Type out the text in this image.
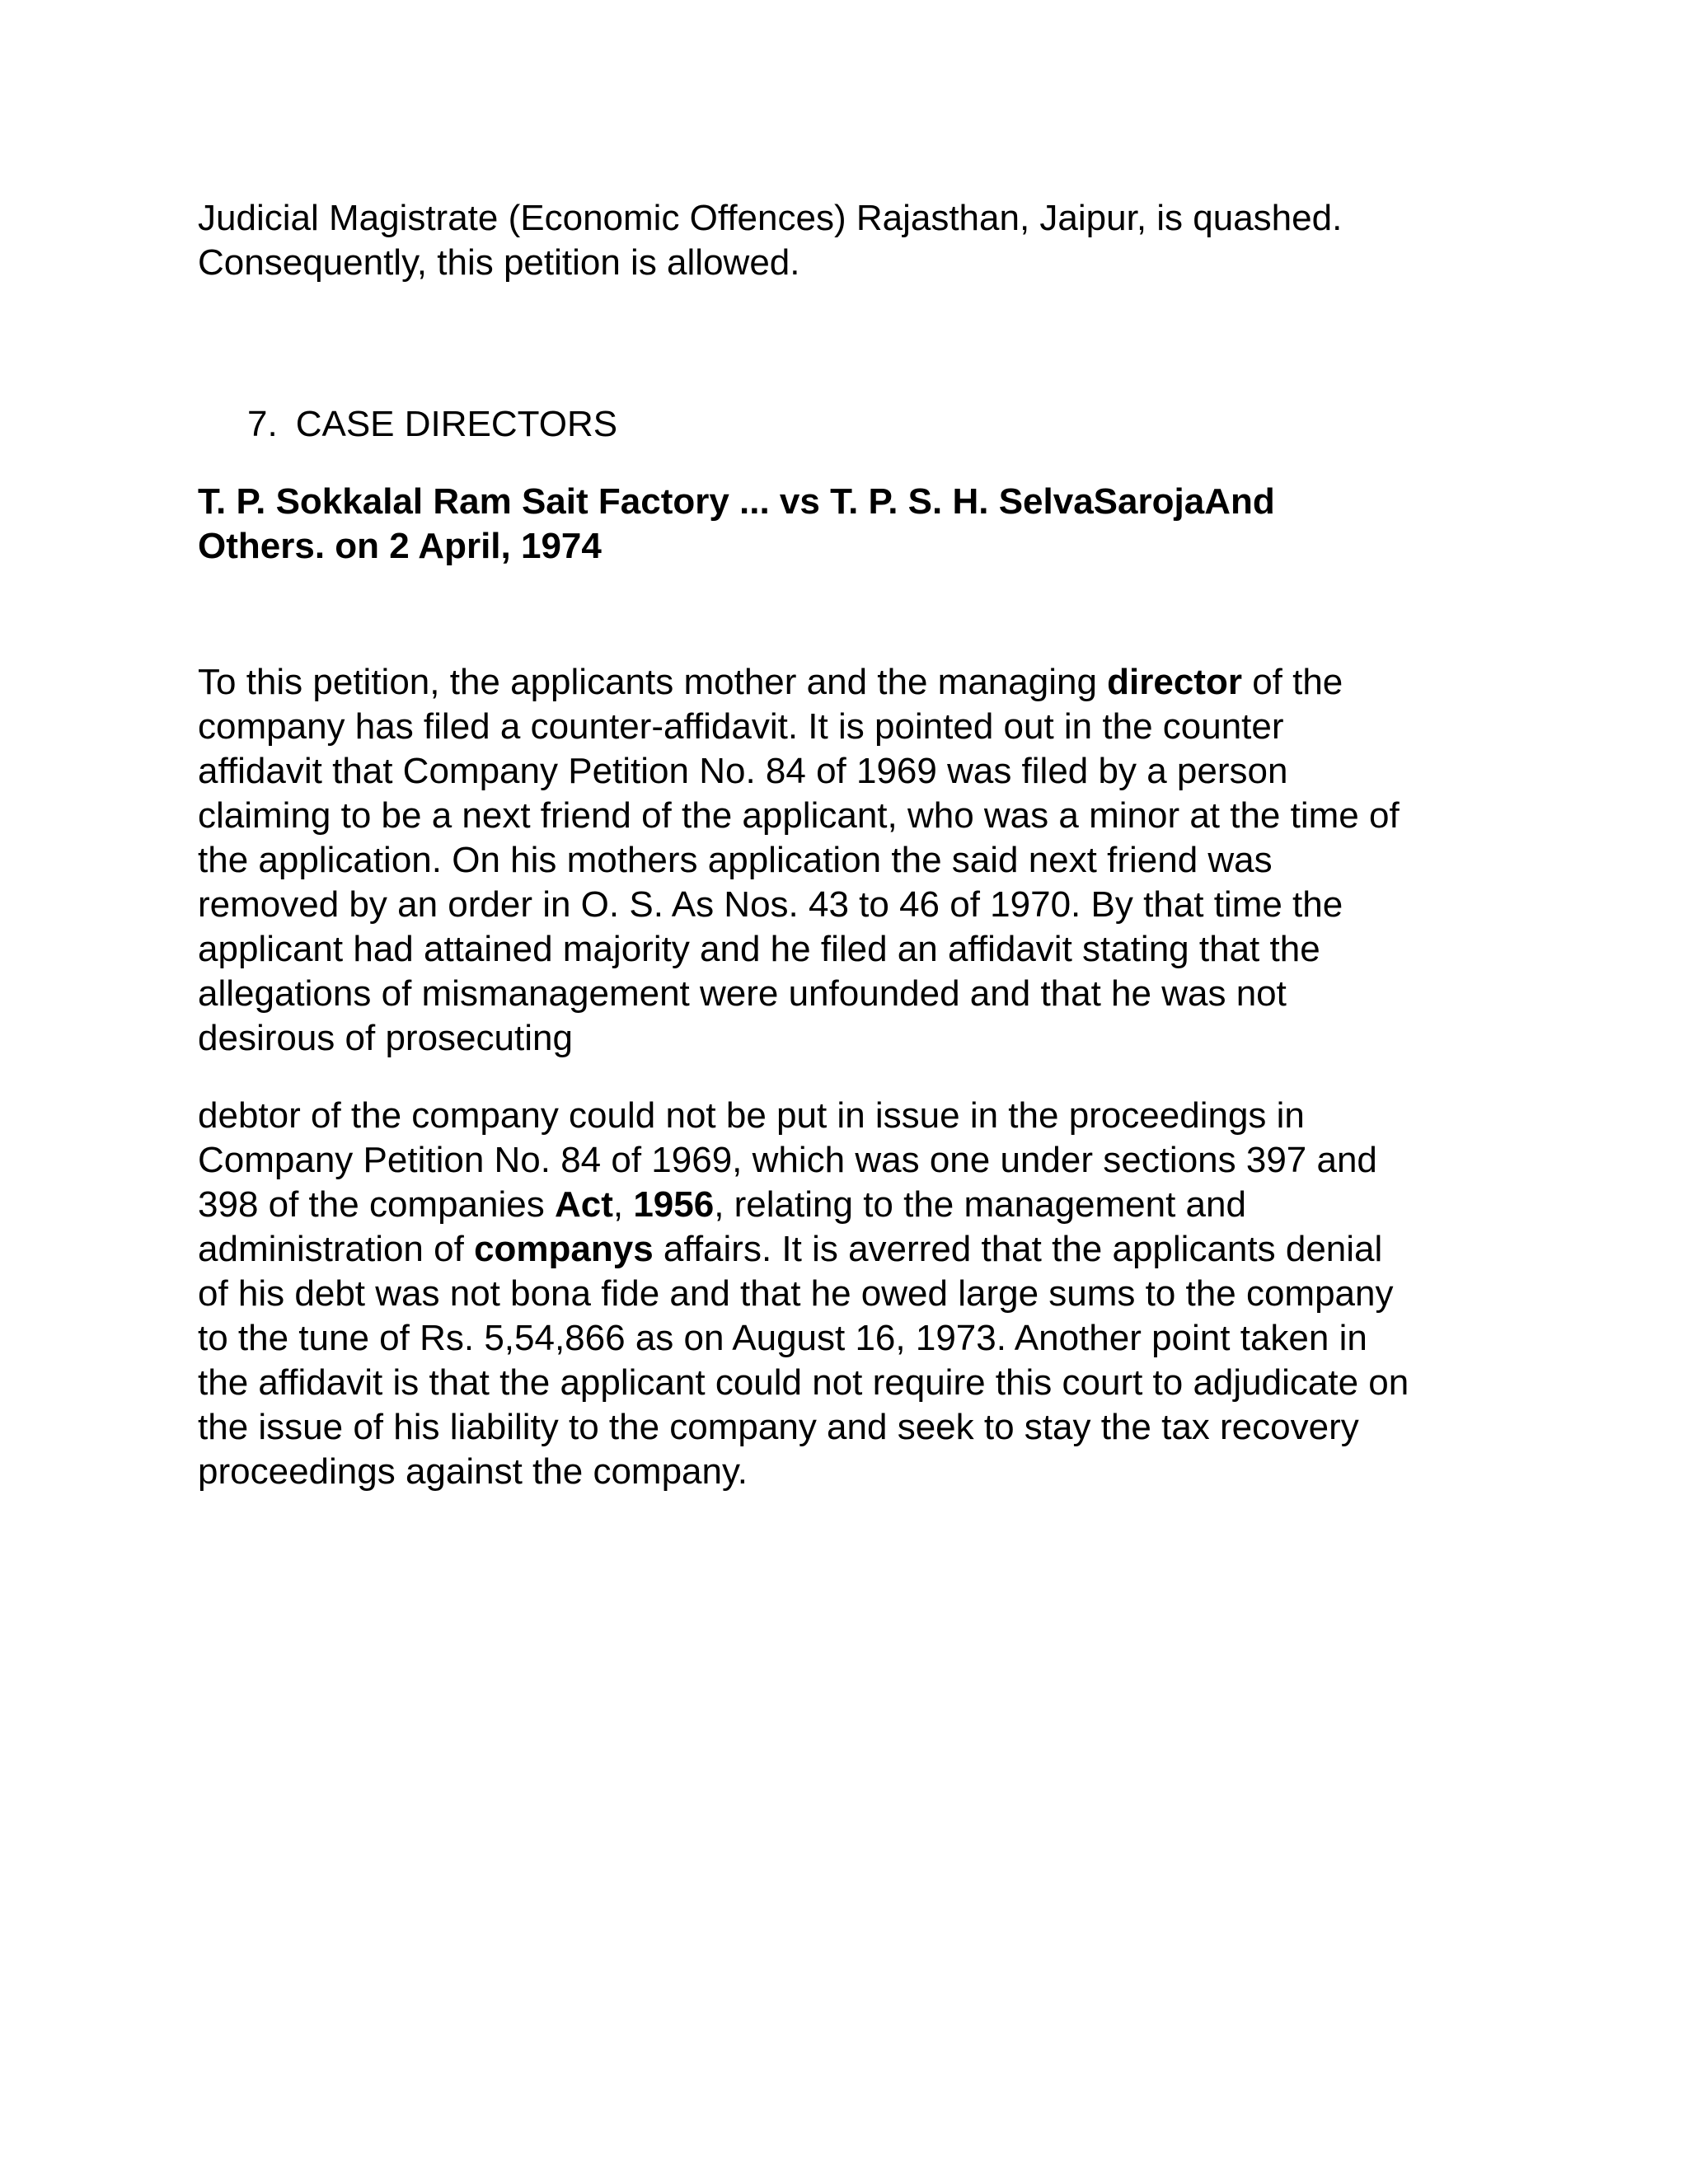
Judicial Magistrate (Economic Offences) Rajasthan, Jaipur, is quashed.
Consequently, this petition is allowed.

7. CASE DIRECTORS

T. P. Sokkalal Ram Sait Factory ... vs T. P. S. H. SelvaSarojaAnd
Others. on 2 April, 1974

To this petition, the applicants mother and the managing director of the
company has filed a counter-affidavit. It is pointed out in the counter
affidavit that Company Petition No. 84 of 1969 was filed by a person
claiming to be a next friend of the applicant, who was a minor at the time of
the application. On his mothers application the said next friend was
removed by an order in O. S. As Nos. 43 to 46 of 1970. By that time the
applicant had attained majority and he filed an affidavit stating that the
allegations of mismanagement were unfounded and that he was not
desirous of prosecuting

debtor of the company could not be put in issue in the proceedings in
Company Petition No. 84 of 1969, which was one under sections 397 and
398 of the companies Act, 1956, relating to the management and
administration of companys affairs. It is averred that the applicants denial
of his debt was not bona fide and that he owed large sums to the company
to the tune of Rs. 5,54,866 as on August 16, 1973. Another point taken in
the affidavit is that the applicant could not require this court to adjudicate on
the issue of his liability to the company and seek to stay the tax recovery
proceedings against the company.
